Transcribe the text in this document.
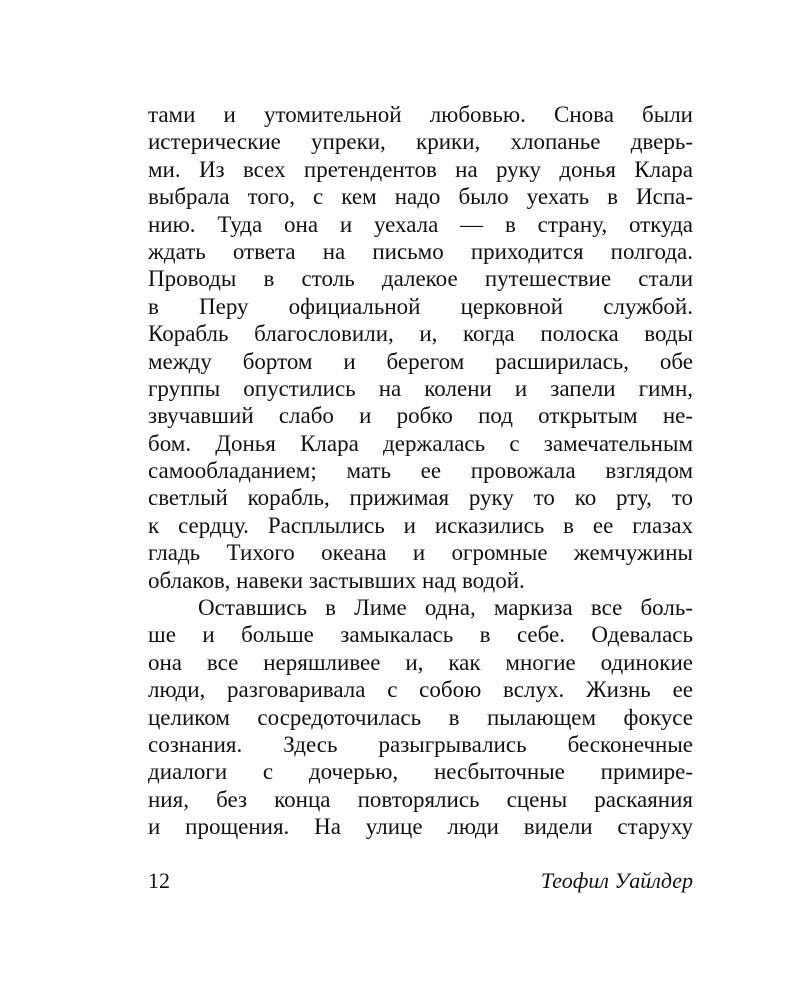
тами и утомительной любовью. Снова были
истерические упреки, крики, хлопанье дверь-
ми. Из всех претендентов на руку донья Клара
выбрала того, с кем надо было уехать в Испа-
нию. Туда она и уехала — в страну, откуда
ждать ответа на письмо приходится полгода.
Проводы в столь далекое путешествие стали
в Перу официальной церковной службой.
Корабль благословили, и, когда полоска воды
между бортом и берегом расширилась, обе
группы опустились на колени и запели гимн,
звучавший слабо и робко под открытым не-
бом. Донья Клара держалась с замечательным
самообладанием; мать ее провожала взглядом
светлый корабль, прижимая руку то ко рту, то
к сердцу. Расплылись и исказились в ее глазах
гладь Тихого океана и огромные жемчужины
облаков, навеки застывших над водой.
Оставшись в Лиме одна, маркиза все боль-
ше и больше замыкалась в себе. Одевалась
она все неряшливее и, как многие одинокие
люди, разговаривала с собою вслух. Жизнь ее
целиком сосредоточилась в пылающем фокусе
сознания. Здесь разыгрывались бесконечные
диалоги с дочерью, несбыточные примире-
ния, без конца повторялись сцены раскаяния
и прощения. На улице люди видели старуху
12	Теофил Уайлдер
